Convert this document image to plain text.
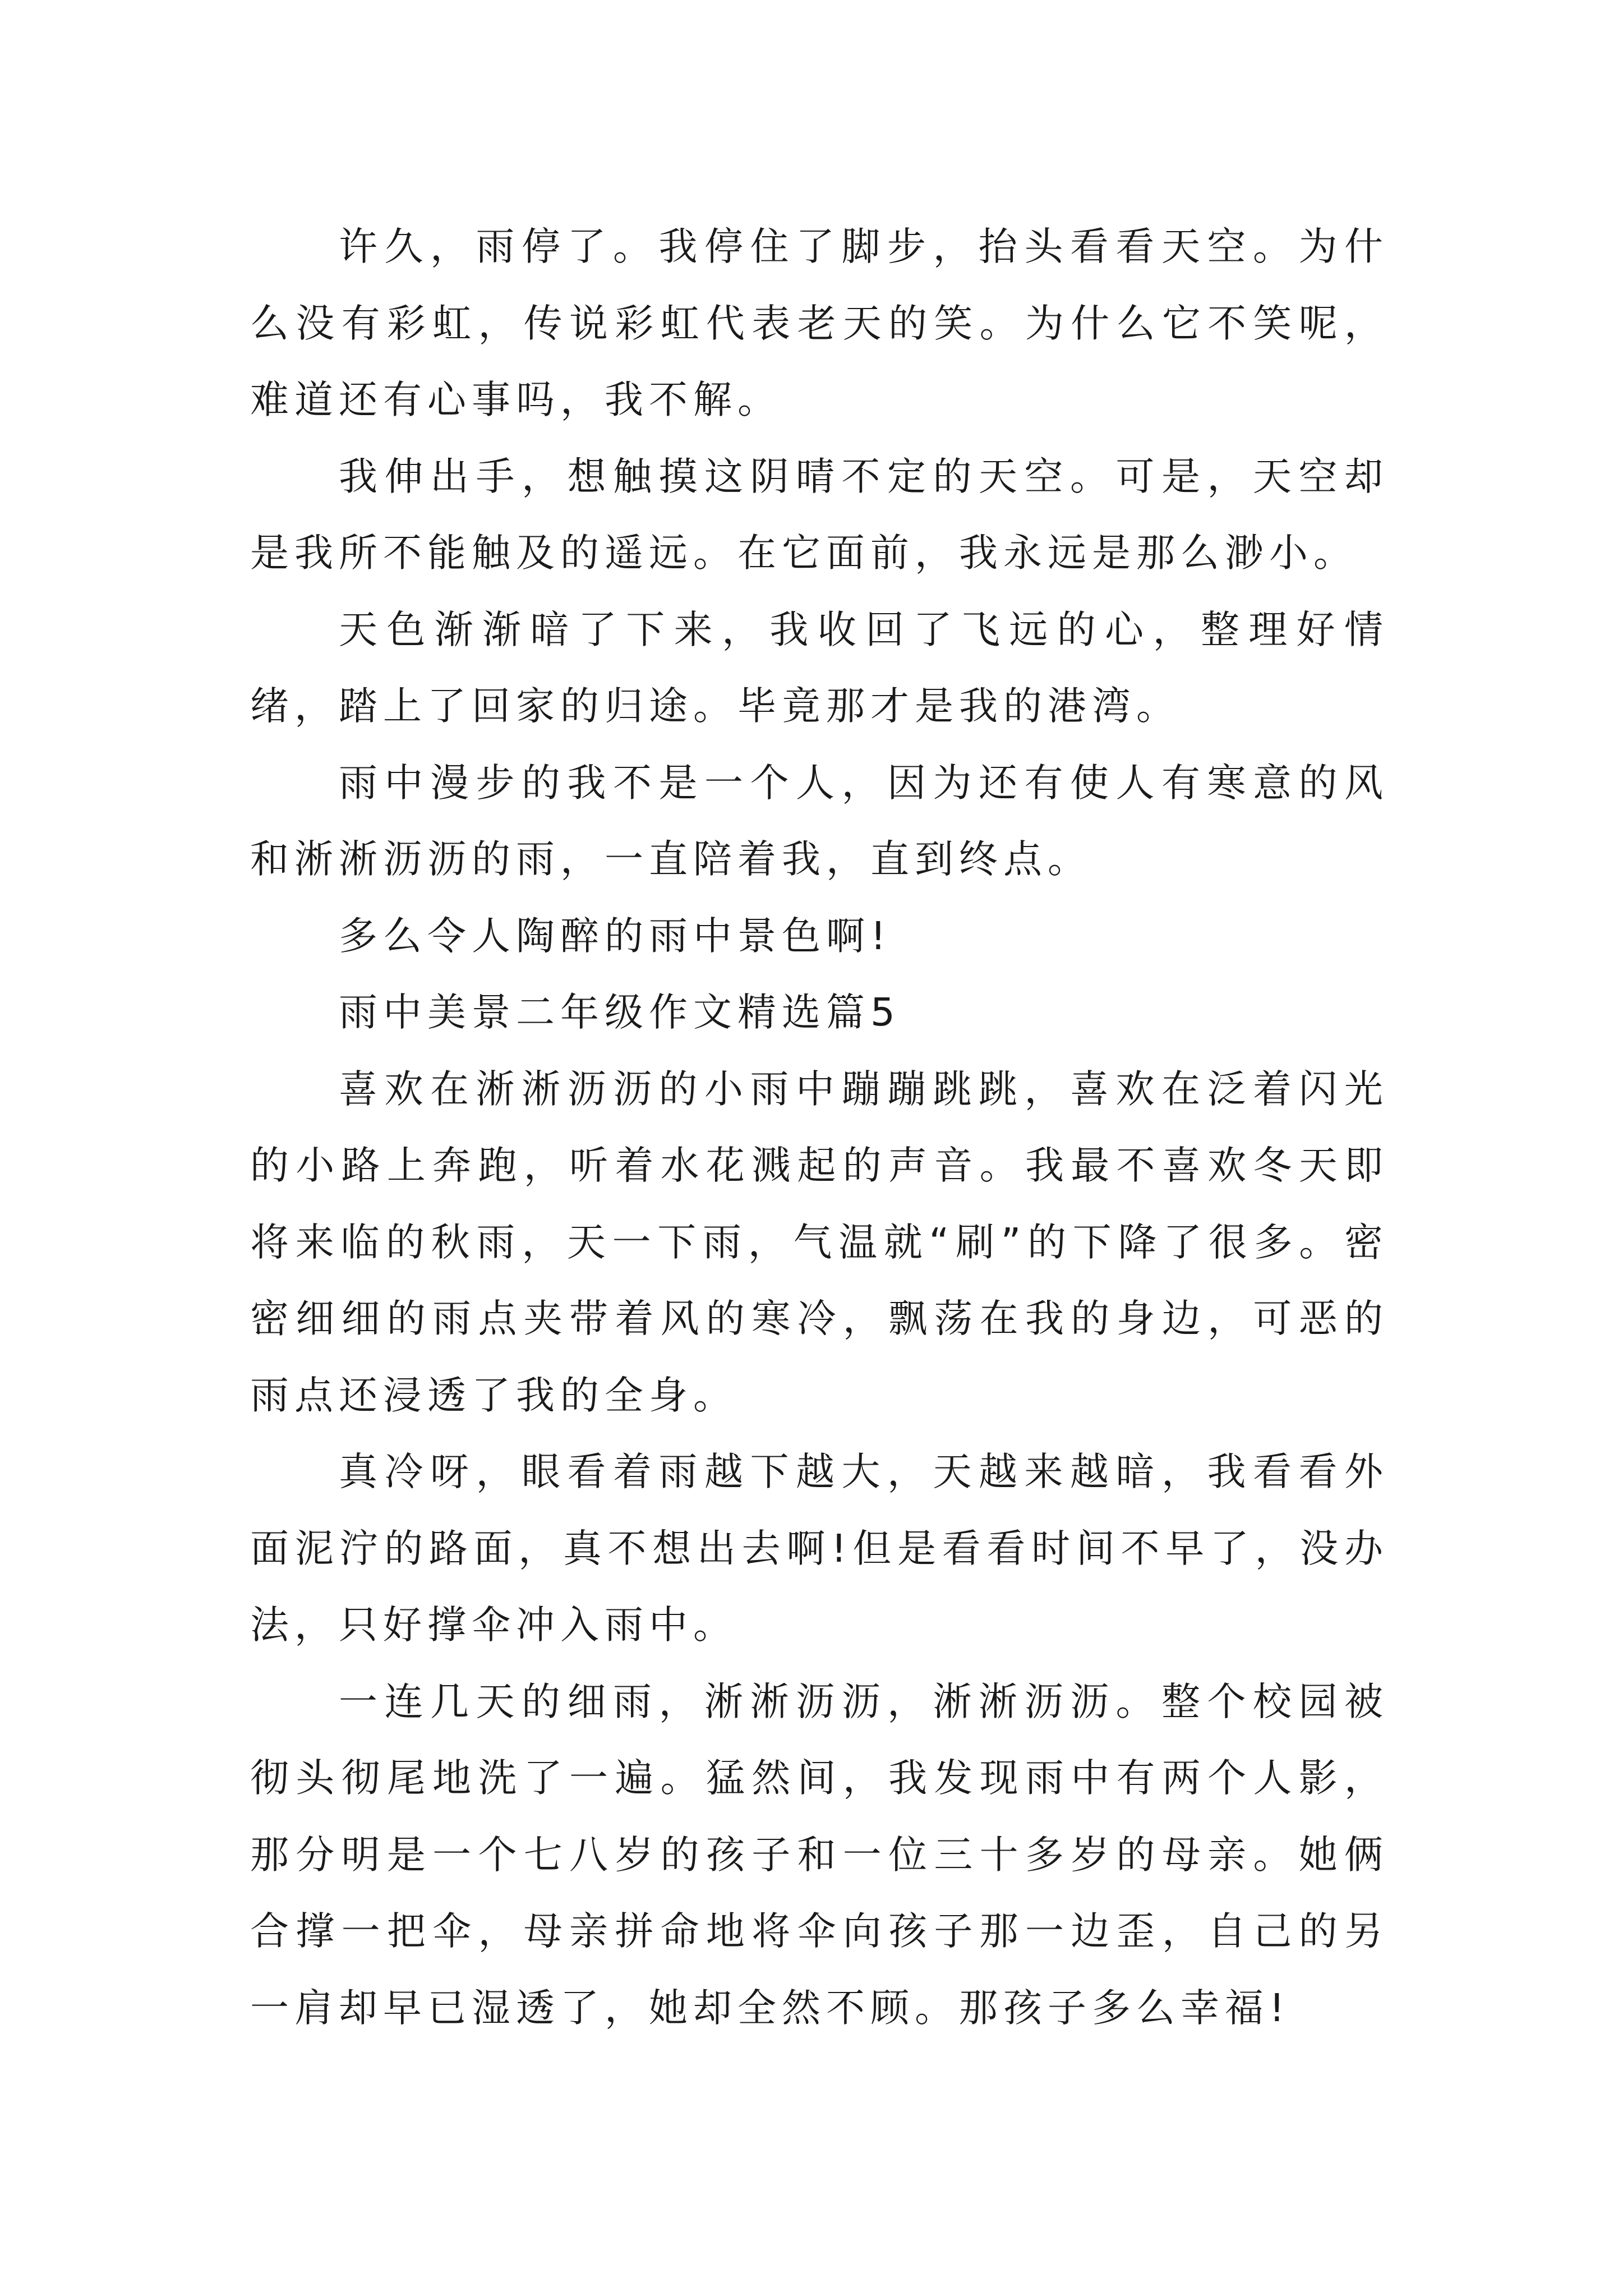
许久，雨停了。我停住了脚步，抬头看看天空。为什么没有彩虹，传说彩虹代表老天的笑。为什么它不笑呢，难道还有心事吗，我不解。

我伸出手，想触摸这阴晴不定的天空。可是，天空却是我所不能触及的遥远。在它面前，我永远是那么渺小。

天色渐渐暗了下来，我收回了飞远的心，整理好情绪，踏上了回家的归途。毕竟那才是我的港湾。

雨中漫步的我不是一个人，因为还有使人有寒意的风和淅淅沥沥的雨，一直陪着我，直到终点。

多么令人陶醉的雨中景色啊!

雨中美景二年级作文精选篇5

喜欢在淅淅沥沥的小雨中蹦蹦跳跳，喜欢在泛着闪光的小路上奔跑，听着水花溅起的声音。我最不喜欢冬天即将来临的秋雨，天一下雨，气温就“刷”的下降了很多。密密细细的雨点夹带着风的寒冷，飘荡在我的身边，可恶的雨点还浸透了我的全身。

真冷呀，眼看着雨越下越大，天越来越暗，我看看外面泥泞的路面，真不想出去啊!但是看看时间不早了，没办法，只好撑伞冲入雨中。

一连几天的细雨，淅淅沥沥，淅淅沥沥。整个校园被彻头彻尾地洗了一遍。猛然间，我发现雨中有两个人影，那分明是一个七八岁的孩子和一位三十多岁的母亲。她俩合撑一把伞，母亲拼命地将伞向孩子那一边歪，自己的另一肩却早已湿透了，她却全然不顾。那孩子多么幸福!
